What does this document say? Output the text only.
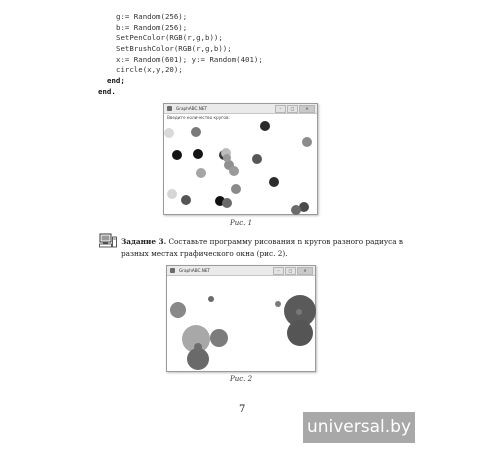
g:= Random(256);
b:= Random(256);
SetPenColor(RGB(r,g,b));
SetBrushColor(RGB(r,g,b));
x:= Random(601); y:= Random(401);
circle(x,y,20);
end;
end.
GraphABC.NET	–	□	✕
Введите количество кругов:
Рис. 1
Задание 3. Составьте программу рисования n кругов разного радиуса в разных местах графического окна (рис. 2).
GraphABC.NET	–	□	✕
Рис. 2
7
universal.by
